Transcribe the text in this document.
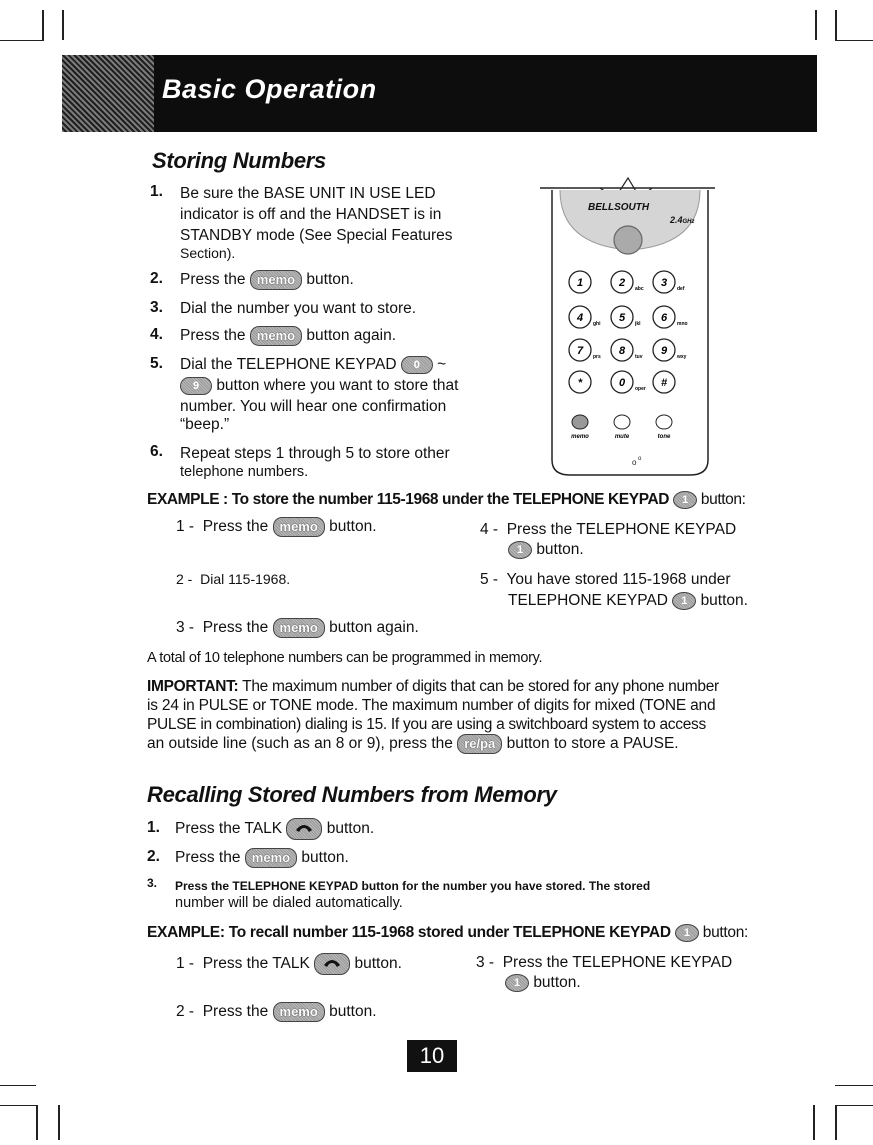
Basic Operation
Storing Numbers
1. Be sure the BASE UNIT IN USE LED
indicator is off and the HANDSET is in
STANDBY mode (See Special Features
Section).
2. Press the memo button.
3. Dial the number you want to store.
4. Press the memo button again.
5. Dial the TELEPHONE KEYPAD 0 ~
9 button where you want to store that
number. You will hear one confirmation
“beep.”
6. Repeat steps 1 through 5 to store other
telephone numbers.
1	2 abc 3 def
4 ghi 5 jkl 6 mno
7 prs 8 tuv 9 wxy
*	0 oper #
memo	mute	tone
o o
BELLSOUTH
2.4GHz
EXAMPLE : To store the number 115-1968 under the TELEPHONE KEYPAD 1 button:
1 - Press the memo button.
2 - Dial 115-1968.
3 - Press the memo button again.
4 - Press the TELEPHONE KEYPAD
1 button.
5 - You have stored 115-1968 under
TELEPHONE KEYPAD 1 button.
A total of 10 telephone numbers can be programmed in memory.
IMPORTANT: The maximum number of digits that can be stored for any phone number
is 24 in PULSE or TONE mode. The maximum number of digits for mixed (TONE and
PULSE in combination) dialing is 15. If you are using a switchboard system to access
an outside line (such as an 8 or 9), press the re/pa button to store a PAUSE.
Recalling Stored Numbers from Memory
1. Press the TALK	button.
2. Press the memo button.
3. Press the TELEPHONE KEYPAD button for the number you have stored. The stored
number will be dialed automatically.
EXAMPLE: To recall number 115-1968 stored under TELEPHONE KEYPAD 1 button:
1 - Press the TALK	button.
2 - Press the memo button.
3 - Press the TELEPHONE KEYPAD
1 button.
10
